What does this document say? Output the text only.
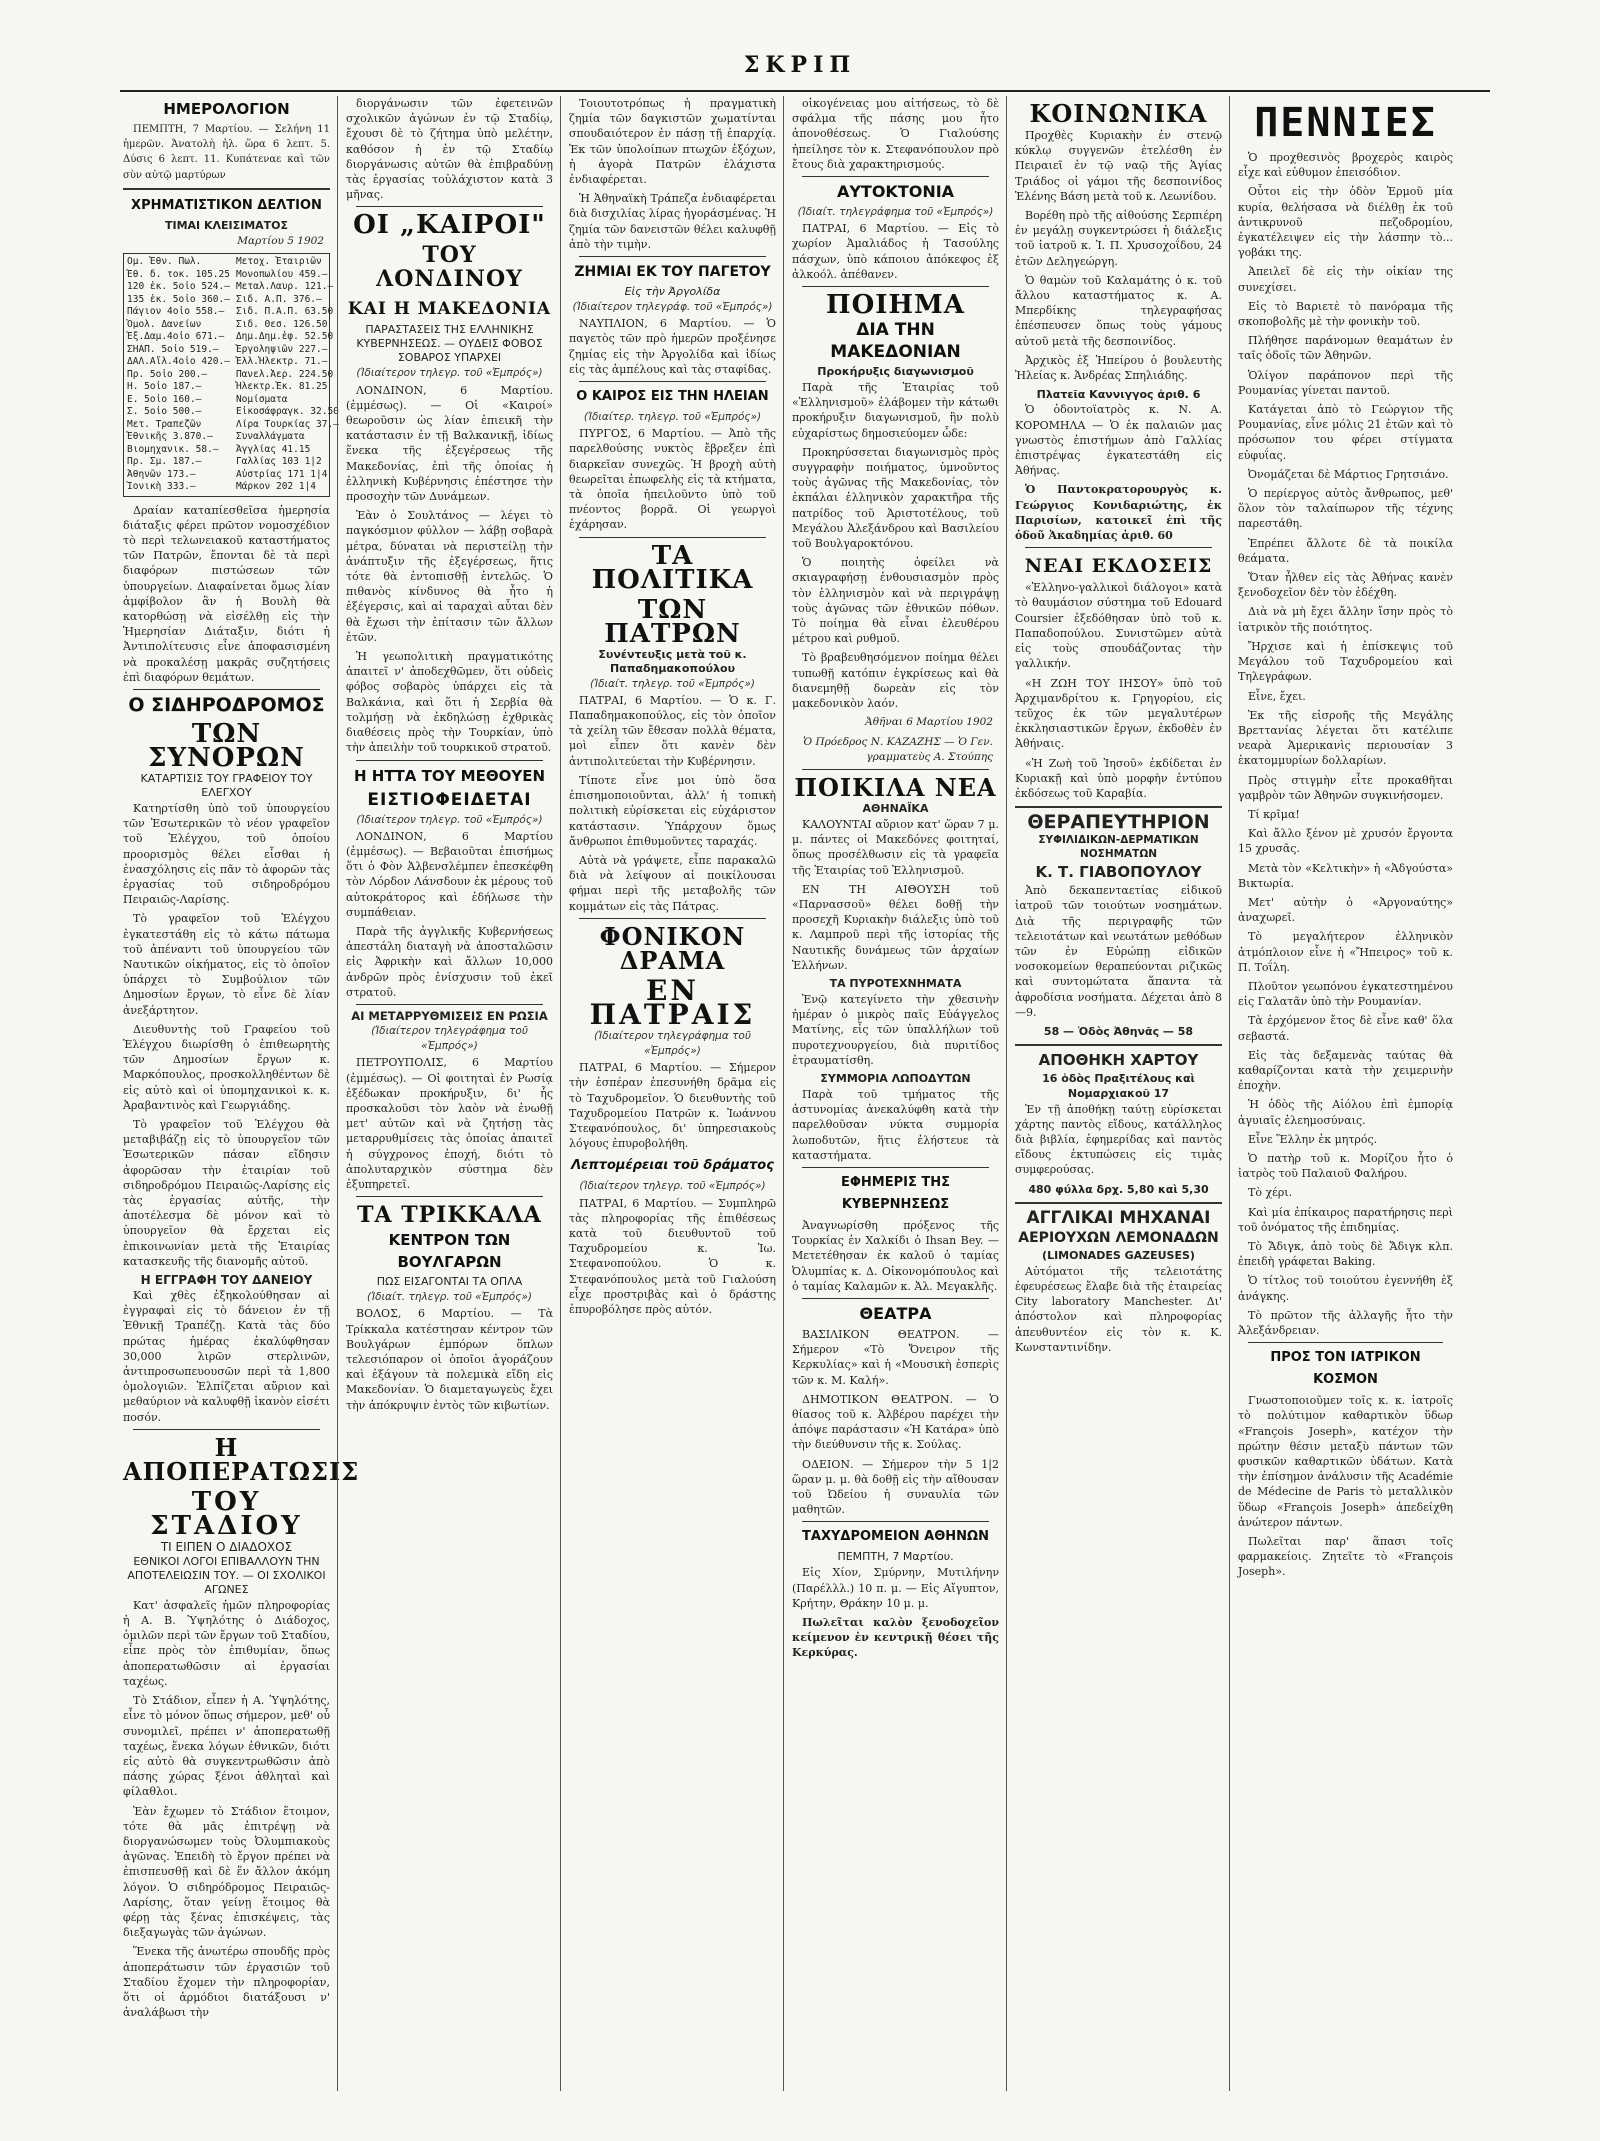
ΣΚΡΙΠ
ΗΜΕΡΟΛΟΓΙΟΝ
ΠΕΜΠΤΗ, 7 Μαρτίου. — Σελήνη 11 ἡμερῶν. Ἀνατολὴ ἡλ. ὥρα 6 λεπτ. 5. Δύσις 6 λεπτ. 11. Κυπάτεναε καὶ τῶν σὺν αὐτῷ μαρτύρων
ΧΡΗΜΑΤΙΣΤΙΚΟΝ ΔΕΛΤΙΟΝ
ΤΙΜΑΙ ΚΛΕΙΣΙΜΑΤΟΣ
Μαρτίου 5 1902
Ομ. Ἐθν. Πωλ.	Μετοχ. Ἑταιριῶν
Ἐθ. δ. τοκ. 105.25 Μονοπωλίου 459.—
120 ἐκ. 5οἰο 524.— Μεταλ.Λαυρ. 121.—
135 ἐκ. 5οἰο 360.— Σιδ. Α.Π. 376.—
Πάγιον 4οἰο 558.—	Σιδ. Π.Α.Π. 63.50
Ὁμολ. Δανείων	Σιδ. Θεσ. 126.50
Ἐξ.Δαμ.4οἰο 671.—	Δημ.Δημ.ἐφ. 52.50
ΣΗΑΠ. 5οἰο 519.—	Ἐργοληψιῶν 227.—
ΔΑΛ.Αἴλ.4οἰο 420.— Ἑλλ.Ἠλεκτρ. 71.—
Πρ. 5οἰο 200.—	Πανελ.Ἀερ. 224.50
Η. 5οἰο 187.—	Ἠλεκτρ.Ἐκ. 81.25
Ε. 5οἰο 160.—	Νομίσματα
Σ. 5οἰο 500.—	Εἰκοσάφραγκ. 32.50
Μετ. Τραπεζῶν	Λίρα Τουρκίας 37.—
Ἐθνικῆς 3.870.—	Συναλλάγματα
Βιομηχανικ. 58.—	Ἀγγλίας 41.15
Πρ. Σμ. 187.—	Γαλλίας 103 1|2
Ἀθηνῶν 173.—	Αὐστρίας 171 1|4
Ἰονικὴ 333.—	Μάρκον 202 1|4
Δραίαν καταπίεσθεῖσα ἡμερησία διάταξις φέρει πρῶτον νομοσχέδιον τὸ περὶ τελωνειακοῦ καταστήματος τῶν Πατρῶν, ἔπονται δὲ τὰ περὶ διαφόρων πιστώσεων τῶν ὑπουργείων. Διαφαίνεται ὅμως λίαν ἀμφίβολον ἂν ἡ Βουλὴ θὰ κατορθώσῃ νὰ εἰσέλθῃ εἰς τὴν Ἡμερησίαν Διάταξιν, διότι ἡ Ἀντιπολίτευσις εἶνε ἀποφασισμένη νὰ προκαλέσῃ μακρᾶς συζητήσεις ἐπὶ διαφόρων θεμάτων.
Ο ΣΙΔΗΡΟΔΡΟΜΟΣ
ΤΩΝ ΣΥΝΟΡΩΝ
ΚΑΤΑΡΤΙΣΙΣ ΤΟΥ ΓΡΑΦΕΙΟΥ ΤΟΥ ΕΛΕΓΧΟΥ
Κατηρτίσθη ὑπὸ τοῦ ὑπουργείου τῶν Ἐσωτερικῶν τὸ νέον γραφεῖον τοῦ Ἐλέγχου, τοῦ ὁποίου προορισμὸς θέλει εἶσθαι ἡ ἐνασχόλησις εἰς πᾶν τὸ ἀφορῶν τὰς ἐργασίας τοῦ σιδηροδρόμου Πειραιῶς-Λαρίσης.
Τὸ γραφεῖον τοῦ Ἐλέγχου ἐγκατεστάθη εἰς τὸ κάτω πάτωμα τοῦ ἀπέναντι τοῦ ὑπουργείου τῶν Ναυτικῶν οἰκήματος, εἰς τὸ ὁποῖον ὑπάρχει τὸ Συμβούλιον τῶν Δημοσίων ἔργων, τὸ εἶνε δὲ λίαν ἀνεξάρτητον.
Διευθυντὴς τοῦ Γραφείου τοῦ Ἐλέγχου διωρίσθη ὁ ἐπιθεωρητὴς τῶν Δημοσίων ἔργων κ. Μαρκόπουλος, προσκολληθέντων δὲ εἰς αὐτὸ καὶ οἱ ὑπομηχανικοὶ κ. κ. Ἀραβαντινὸς καὶ Γεωργιάδης.
Τὸ γραφεῖον τοῦ Ἐλέγχου θὰ μεταβιβάζῃ εἰς τὸ ὑπουργεῖον τῶν Ἐσωτερικῶν πάσαν εἴδησιν ἀφορῶσαν τὴν ἑταιρίαν τοῦ σιδηροδρόμου Πειραιῶς-Λαρίσης εἰς τὰς ἐργασίας αὐτῆς, τὴν ἀποτέλεσμα δὲ μόνον καὶ τὸ ὑπουργεῖον θὰ ἔρχεται εἰς ἐπικοινωνίαν μετὰ τῆς Ἑταιρίας κατασκευῆς τῆς διανομῆς αὐτοῦ.
Η ΕΓΓΡΑΦΗ ΤΟΥ ΔΑΝΕΙΟΥ
Καὶ χθὲς ἐξηκολούθησαν αἱ ἐγγραφαὶ εἰς τὸ δάνειον ἐν τῇ Ἐθνικῇ Τραπέζῃ. Κατὰ τὰς δύο πρώτας ἡμέρας ἐκαλύφθησαν 30,000 λιρῶν στερλινῶν, ἀντιπροσωπευουσῶν περὶ τὰ 1,800 ὁμολογιῶν. Ἐλπίζεται αὔριον καὶ μεθαύριον νὰ καλυφθῇ ἱκανὸν εἰσέτι ποσόν.
Η ΑΠΟΠΕΡΑΤΩΣΙΣ
ΤΟΥ ΣΤΑΔΙΟΥ
ΤΙ ΕΙΠΕΝ Ο ΔΙΑΔΟΧΟΣ
ΕΘΝΙΚΟΙ ΛΟΓΟΙ ΕΠΙΒΑΛΛΟΥΝ ΤΗΝ ΑΠΟΤΕΛΕΙΩΣΙΝ ΤΟΥ. — ΟΙ ΣΧΟΛΙΚΟΙ ΑΓΩΝΕΣ
Κατ' ἀσφαλεῖς ἡμῶν πληροφορίας ἡ Α. Β. Ὑψηλότης ὁ Διάδοχος, ὁμιλῶν περὶ τῶν ἔργων τοῦ Σταδίου, εἶπε πρὸς τὸν ἐπιθυμίαν, ὅπως ἀποπερατωθῶσιν αἱ ἐργασίαι ταχέως.
Τὸ Στάδιον, εἶπεν ἡ Α. Ὑψηλότης, εἶνε τὸ μόνον ὅπως σήμερον, μεθ' οὗ συνομιλεῖ, πρέπει ν' ἀποπερατωθῇ ταχέως, ἕνεκα λόγων ἐθνικῶν, διότι εἰς αὐτὸ θὰ συγκεντρωθῶσιν ἀπὸ πάσης χώρας ξένοι ἀθληταὶ καὶ φίλαθλοι.
Ἐὰν ἔχωμεν τὸ Στάδιον ἕτοιμον, τότε θὰ μᾶς ἐπιτρέψῃ νὰ διοργανώσωμεν τοὺς Ὀλυμπιακοὺς ἀγῶνας. Ἐπειδὴ τὸ ἔργον πρέπει νὰ ἐπισπευσθῇ καὶ δὲ ἕν ἄλλον ἀκόμη λόγον. Ὁ σιδηρόδρομος Πειραιῶς-Λαρίσης, ὅταν γείνῃ ἕτοιμος θὰ φέρῃ τὰς ξένας ἐπισκέψεις, τὰς διεξαγωγὰς τῶν ἀγώνων.
Ἕνεκα τῆς ἀνωτέρω σπουδῆς πρὸς ἀποπεράτωσιν τῶν ἐργασιῶν τοῦ Σταδίου ἔχομεν τὴν πληροφορίαν, ὅτι οἱ ἁρμόδιοι διατάξουσι ν' ἀναλάβωσι τὴν
διοργάνωσιν τῶν ἐφετεινῶν σχολικῶν ἀγώνων ἐν τῷ Σταδίῳ, ἔχουσι δὲ τὸ ζήτημα ὑπὸ μελέτην, καθόσον ἡ ἐν τῷ Σταδίῳ διοργάνωσις αὐτῶν θὰ ἐπιβραδύνῃ τὰς ἐργασίας τοὐλάχιστον κατὰ 3 μῆνας.
ΟΙ „ΚΑΙΡΟΙ"
ΤΟΥ ΛΟΝΔΙΝΟΥ
ΚΑΙ Η ΜΑΚΕΔΟΝΙΑ
ΠΑΡΑΣΤΑΣΕΙΣ ΤΗΣ ΕΛΛΗΝΙΚΗΣ ΚΥΒΕΡΝΗΣΕΩΣ. — ΟΥΔΕΙΣ ΦΟΒΟΣ ΣΟΒΑΡΟΣ ΥΠΑΡΧΕΙ
(Ἰδιαίτερον τηλεγρ. τοῦ «Ἐμπρός»)
ΛΟΝΔΙΝΟΝ, 6 Μαρτίου. (ἐμμέσως). — Οἱ «Καιροί» θεωροῦσιν ὡς λίαν ἐπιεικῆ τὴν κατάστασιν ἐν τῇ Βαλκανικῇ, ἰδίως ἕνεκα τῆς ἐξεγέρσεως τῆς Μακεδονίας, ἐπὶ τῆς ὁποίας ἡ ἑλληνικὴ Κυβέρνησις ἐπέστησε τὴν προσοχὴν τῶν Δυνάμεων.
Ἐὰν ὁ Σουλτάνος — λέγει τὸ παγκόσμιον φύλλον — λάβῃ σοβαρὰ μέτρα, δύναται νὰ περιστείλῃ τὴν ἀνάπτυξιν τῆς ἐξεγέρσεως, ἥτις τότε θὰ ἐντοπισθῇ ἐντελῶς. Ὁ πιθανὸς κίνδυνος θὰ ἦτο ἡ ἐξέγερσις, καὶ αἱ ταραχαὶ αὗται δὲν θὰ ἔχωσι τὴν ἐπίτασιν τῶν ἄλλων ἐτῶν.
Ἡ γεωπολιτικὴ πραγματικότης ἀπαιτεῖ ν' ἀποδεχθῶμεν, ὅτι οὐδεὶς φόβος σοβαρὸς ὑπάρχει εἰς τὰ Βαλκάνια, καὶ ὅτι ἡ Σερβία θὰ τολμήσῃ νὰ ἐκδηλώσῃ ἐχθρικὰς διαθέσεις πρὸς τὴν Τουρκίαν, ὑπὸ τὴν ἀπειλὴν τοῦ τουρκικοῦ στρατοῦ.
Η ΗΤΤΑ ΤΟΥ ΜΕΘΟΥΕΝ
ΕΙΣΤΙΟΦΕΙΔΕΤΑΙ
(Ἰδιαίτερον τηλεγρ. τοῦ «Ἐμπρός»)
ΛΟΝΔΙΝΟΝ, 6 Μαρτίου (ἐμμέσως). — Βεβαιοῦται ἐπισήμως ὅτι ὁ Φὸν Ἀλβενσλέμπεν ἐπεσκέφθη τὸν Λόρδον Λάνσδουν ἐκ μέρους τοῦ αὐτοκράτορος καὶ ἐδήλωσε τὴν συμπάθειαν.
Παρὰ τῆς ἀγγλικῆς Κυβερνήσεως ἀπεστάλη διαταγὴ νὰ ἀποσταλῶσιν εἰς Ἀφρικὴν καὶ ἄλλων 10,000 ἀνδρῶν πρὸς ἐνίσχυσιν τοῦ ἐκεῖ στρατοῦ.
ΑΙ ΜΕΤΑΡΡΥΘΜΙΣΕΙΣ ΕΝ ΡΩΣΙΑ
(Ἰδιαίτερον τηλεγράφημα τοῦ «Ἐμπρός»)
ΠΕΤΡΟΥΠΟΛΙΣ, 6 Μαρτίου (ἐμμέσως). — Οἱ φοιτηταὶ ἐν Ρωσίᾳ ἐξέδωκαν προκήρυξιν, δι' ἧς προσκαλοῦσι τὸν λαὸν νὰ ἐνωθῇ μετ' αὐτῶν καὶ νὰ ζητήσῃ τὰς μεταρρυθμίσεις τὰς ὁποίας ἀπαιτεῖ ἡ σύγχρονος ἐποχή, διότι τὸ ἀπολυταρχικὸν σύστημα δὲν ἐξυπηρετεῖ.
ΤΑ ΤΡΙΚΚΑΛΑ
ΚΕΝΤΡΟΝ ΤΩΝ ΒΟΥΛΓΑΡΩΝ
ΠΩΣ ΕΙΣΑΓΟΝΤΑΙ ΤΑ ΟΠΛΑ
(Ἰδιαίτ. τηλεγρ. τοῦ «Ἐμπρός»)
ΒΟΛΟΣ, 6 Μαρτίου. — Τὰ Τρίκκαλα κατέστησαν κέντρον τῶν Βουλγάρων ἐμπόρων ὅπλων τελεσιόπαρον οἱ ὁποῖοι ἀγοράζουν καὶ ἐξάγουν τὰ πολεμικὰ εἴδη εἰς Μακεδονίαν. Ὁ διαμεταγωγεὺς ἔχει τὴν ἀπόκρυψιν ἐντὸς τῶν κιβωτίων.
Τοιουτοτρόπως ἡ πραγματικὴ ζημία τῶν δαγκιστῶν χωματίνται σπουδαιότερον ἐν πάσῃ τῇ ἐπαρχίᾳ. Ἐκ τῶν ὑπολοίπων πτωχῶν ἐξόχων, ἡ ἀγορὰ Πατρῶν ἐλάχιστα ἐνδιαφέρεται.
Ἡ Ἀθηναϊκὴ Τράπεζα ἐνδιαφέρεται διὰ δισχιλίας λίρας ἠγοράσμένας. Ἡ ζημία τῶν δανειστῶν θέλει καλυφθῇ ἀπὸ τὴν τιμὴν.
ΖΗΜΙΑΙ ΕΚ ΤΟΥ ΠΑΓΕΤΟΥ
Εἰς τὴν Ἀργολίδα
(Ἰδιαίτερον τηλεγράφ. τοῦ «Ἐμπρός»)
ΝΑΥΠΛΙΟΝ, 6 Μαρτίου. — Ὁ παγετὸς τῶν πρὸ ἡμερῶν προξένησε ζημίας εἰς τὴν Ἀργολίδα καὶ ἰδίως εἰς τὰς ἀμπέλους καὶ τὰς σταφίδας.
Ο ΚΑΙΡΟΣ ΕΙΣ ΤΗΝ ΗΛΕΙΑΝ
(Ἰδιαίτερ. τηλεγρ. τοῦ «Ἐμπρός»)
ΠΥΡΓΟΣ, 6 Μαρτίου. — Ἀπὸ τῆς παρελθούσης νυκτὸς ἔβρεξεν ἐπὶ διαρκεῖαν συνεχῶς. Ἡ βροχὴ αὐτὴ θεωρεῖται ἐπωφελὴς εἰς τὰ κτήματα, τὰ ὁποῖα ἠπειλοῦντο ὑπὸ τοῦ πνέοντος βορρᾶ. Οἱ γεωργοὶ ἐχάρησαν.
ΤΑ ΠΟΛΙΤΙΚΑ
ΤΩΝ ΠΑΤΡΩΝ
Συνέντευξις μετὰ τοῦ κ. Παπαδημακοπούλου
(Ἰδιαίτ. τηλεγρ. τοῦ «Ἐμπρός»)
ΠΑΤΡΑΙ, 6 Μαρτίου. — Ὁ κ. Γ. Παπαδημακοπούλος, εἰς τὸν ὁποῖον τὰ χείλη τῶν ἔθεσαν πολλὰ θέματα, μοὶ εἶπεν ὅτι κανὲν δὲν ἀντιπολιτεύεται τὴν Κυβέρνησιν.
Τίποτε εἶνε μοι ὑπὸ ὅσα ἐπισημοποιοῦνται, ἀλλ' ἡ τοπικὴ πολιτικὴ εὑρίσκεται εἰς εὐχάριστον κατάστασιν. Ὑπάρχουν ὅμως ἄνθρωποι ἐπιθυμοῦντες ταραχάς.
Αὐτὰ νὰ γράψετε, εἶπε παρακαλῶ διὰ νὰ λείψουν αἱ ποικίλουσαι φήμαι περὶ τῆς μεταβολῆς τῶν κομμάτων εἰς τὰς Πάτρας.
ΦΟΝΙΚΟΝ ΔΡΑΜΑ
ΕΝ ΠΑΤΡΑΙΣ
(Ἰδιαίτερον τηλεγράφημα τοῦ «Ἐμπρός»)
ΠΑΤΡΑΙ, 6 Μαρτίου. — Σήμερον τὴν ἑσπέραν ἐπεσυνήθη δρᾶμα εἰς τὸ Ταχυδρομεῖον. Ὁ διευθυντὴς τοῦ Ταχυδρομείου Πατρῶν κ. Ἰωάννου Στεφανόπουλος, δι' ὑπηρεσιακοὺς λόγους ἐπυροβολήθη.
Λεπτομέρειαι τοῦ δράματος
(Ἰδιαίτερον τηλεγρ. τοῦ «Ἐμπρός»)
ΠΑΤΡΑΙ, 6 Μαρτίου. — Συμπληρῶ τὰς πληροφορίας τῆς ἐπιθέσεως κατὰ τοῦ διευθυντοῦ τοῦ Ταχυδρομείου κ. Ἰω. Στεφανοπούλου. Ὁ κ. Στεφανόπουλος μετὰ τοῦ Γιαλούση εἶχε προστριβὰς καὶ ὁ δράστης ἐπυροβόλησε πρὸς αὐτόν.
οἰκογένειας μου αἰτήσεως, τὸ δὲ σφάλμα τῆς πάσης μου ἦτο ἀπονοθέσεως. Ὁ Γιαλούσης ἠπείλησε τὸν κ. Στεφανόπουλον πρὸ ἔτους διὰ χαρακτηρισμούς.
ΑΥΤΟΚΤΟΝΙΑ
(Ἰδιαίτ. τηλεγράφημα τοῦ «Ἐμπρός»)
ΠΑΤΡΑΙ, 6 Μαρτίου. — Εἰς τὸ χωρίον Ἀμαλιάδος ἡ Τασούλης πάσχων, ὑπὸ κάποιου ἀπόκεφος ἐξ ἀλκοόλ. ἀπέθανεν.
ΠΟΙΗΜΑ
ΔΙΑ ΤΗΝ ΜΑΚΕΔΟΝΙΑΝ
Προκήρυξις διαγωνισμοῦ
Παρὰ τῆς Ἑταιρίας τοῦ «Ἑλληνισμοῦ» ἐλάβομεν τὴν κάτωθι προκήρυξιν διαγωνισμοῦ, ἣν πολὺ εὐχαρίστως δημοσιεύομεν ὧδε:
Προκηρύσσεται διαγωνισμὸς πρὸς συγγραφὴν ποιήματος, ὑμνοῦντος τοὺς ἀγῶνας τῆς Μακεδονίας, τὸν ἐκπάλαι ἑλληνικὸν χαρακτῆρα τῆς πατρίδος τοῦ Ἀριστοτέλους, τοῦ Μεγάλου Ἀλεξάνδρου καὶ Βασιλείου τοῦ Βουλγαροκτόνου.
Ὁ ποιητὴς ὀφείλει νὰ σκιαγραφήσῃ ἐνθουσιασμὸν πρὸς τὸν ἑλληνισμὸν καὶ νὰ περιγράψῃ τοὺς ἀγῶνας τῶν ἐθνικῶν πόθων. Τὸ ποίημα θὰ εἶναι ἐλευθέρου μέτρου καὶ ρυθμοῦ.
Τὸ βραβευθησόμενον ποίημα θέλει τυπωθῇ κατόπιν ἐγκρίσεως καὶ θὰ διανεμηθῇ δωρεὰν εἰς τὸν μακεδονικὸν λαόν.
Ἀθῆναι 6 Μαρτίου 1902
Ὁ Πρόεδρος Ν. ΚΑΖΑΖΗΣ — Ὁ Γεν. γραμματεὺς Α. Στούπης
ΠΟΙΚΙΛΑ ΝΕΑ
ΑΘΗΝΑΪΚΑ
ΚΑΛΟΥΝΤΑΙ αὔριον κατ' ὥραν 7 μ. μ. πάντες οἱ Μακεδόνες φοιτηταί, ὅπως προσέλθωσιν εἰς τὰ γραφεῖα τῆς Ἑταιρίας τοῦ Ἑλληνισμοῦ.
ΕΝ ΤΗ ΑΙΘΟΥΣΗ τοῦ «Παρνασσοῦ» θέλει δοθῇ τὴν προσεχῆ Κυριακὴν διάλεξις ὑπὸ τοῦ κ. Λαμπροῦ περὶ τῆς ἱστορίας τῆς Ναυτικῆς δυνάμεως τῶν ἀρχαίων Ἑλλήνων.
ΤΑ ΠΥΡΟΤΕΧΝΗΜΑΤΑ
Ἐνῷ κατεγίνετο τὴν χθεσινὴν ἡμέραν ὁ μικρὸς παῖς Εὐάγγελος Ματίνης, εἷς τῶν ὑπαλλήλων τοῦ πυροτεχνουργείου, διὰ πυριτίδος ἐτραυματίσθη.
ΣΥΜΜΟΡΙΑ ΛΩΠΟΔΥΤΩΝ
Παρὰ τοῦ τμήματος τῆς ἀστυνομίας ἀνεκαλύφθη κατὰ τὴν παρελθοῦσαν νύκτα συμμορία λωποδυτῶν, ἥτις ἐλήστευε τὰ καταστήματα.
ΕΦΗΜΕΡΙΣ ΤΗΣ ΚΥΒΕΡΝΗΣΕΩΣ
Ἀναγνωρίσθη πρόξενος τῆς Τουρκίας ἐν Χαλκίδι ὁ Ihsan Bey. — Μετετέθησαν ἐκ καλοῦ ὁ ταμίας Ὀλυμπίας κ. Δ. Οἰκονομόπουλος καὶ ὁ ταμίας Καλαμῶν κ. Ἀλ. Μεγακλῆς.
ΘΕΑΤΡΑ
ΒΑΣΙΛΙΚΟΝ ΘΕΑΤΡΟΝ. — Σήμερον «Τὸ Ὄνειρον τῆς Κερκυλίας» καὶ ἡ «Μουσικὴ ἐσπερὶς τῶν κ. Μ. Καλή».
ΔΗΜΟΤΙΚΟΝ ΘΕΑΤΡΟΝ. — Ὁ θίασος τοῦ κ. Ἀλβέρου παρέχει τὴν ἀπόψε παράστασιν «Ἡ Κατάρα» ὑπὸ τὴν διεύθυνσιν τῆς κ. Σούλας.
ΟΔΕΙΟΝ. — Σήμερον τὴν 5 1|2 ὥραν μ. μ. θὰ δοθῇ εἰς τὴν αἴθουσαν τοῦ Ὠδείου ἡ συναυλία τῶν μαθητῶν.
ΤΑΧΥΔΡΟΜΕΙΟΝ ΑΘΗΝΩΝ
ΠΕΜΠΤΗ, 7 Μαρτίου.
Εἰς Χίον, Σμύρνην, Μυτιλήνην (Παρέλλλ.) 10 π. μ. — Εἰς Αἴγυπτον, Κρήτην, Θράκην 10 μ. μ.
Πωλεῖται καλὸν ξενοδοχεῖον κείμενον ἐν κεντρικῇ θέσει τῆς Κερκύρας.
ΚΟΙΝΩΝΙΚΑ
Προχθὲς Κυριακὴν ἐν στενῷ κύκλῳ συγγενῶν ἐτελέσθη ἐν Πειραιεῖ ἐν τῷ ναῷ τῆς Ἁγίας Τριάδος οἱ γάμοι τῆς δεσποινίδος Ἑλένης Βάση μετὰ τοῦ κ. Λεωνίδου.
Βορέθη πρὸ τῆς αἰθούσης Σερπιέρη ἐν μεγάλῃ συγκεντρώσει ἡ διάλεξις τοῦ ἰατροῦ κ. Ἰ. Π. Χρυσοχοΐδου, 24 ἐτῶν Δεληγεώργη.
Ὁ θαμὼν τοῦ Καλαμάτης ὁ κ. τοῦ ἄλλου καταστήματος κ. Α. Μπερδίκης τηλεγραφήσας ἐπέσπευσεν ὅπως τοὺς γάμους αὐτοῦ μετὰ τῆς δεσποινίδος.
Ἀρχικὸς ἐξ Ἠπείρου ὁ βουλευτὴς Ἠλείας κ. Ἀνδρέας Σπηλιάδης.
Πλατεῖα Καννιγγος ἀριθ. 6
Ὁ ὀδοντοϊατρὸς κ. Ν. Α. ΚΟΡΟΜΗΛΑ — Ὁ ἐκ παλαιῶν μας γνωστὸς ἐπιστήμων ἀπὸ Γαλλίας ἐπιστρέψας ἐγκατεστάθη εἰς Ἀθήνας.
Ὁ Παντοκρατορουργὸς κ. Γεώργιος Κονιδαριώτης, ἐκ Παρισίων, κατοικεῖ ἐπὶ τῆς ὁδοῦ Ἀκαδημίας ἀριθ. 60
ΝΕΑΙ ΕΚΔΟΣΕΙΣ
«Ἑλληνο-γαλλικοὶ διάλογοι» κατὰ τὸ θαυμάσιον σύστημα τοῦ Edouard Coursier ἐξεδόθησαν ὑπὸ τοῦ κ. Παπαδοπούλου. Συνιστῶμεν αὐτὰ εἰς τοὺς σπουδάζοντας τὴν γαλλικήν.
«Η ΖΩΗ ΤΟΥ ΙΗΣΟΥ» ὑπὸ τοῦ Ἀρχιμανδρίτου κ. Γρηγορίου, εἰς τεῦχος ἐκ τῶν μεγαλυτέρων ἐκκλησιαστικῶν ἔργων, ἐκδοθὲν ἐν Ἀθήναις.
«Ἡ Ζωὴ τοῦ Ἰησοῦ» ἐκδίδεται ἐν Κυριακῇ καὶ ὑπὸ μορφὴν ἐντύπου ἐκδόσεως τοῦ Καραβία.
ΘΕΡΑΠΕΥΤΗΡΙΟΝ
ΣΥΦΙΛΙΔΙΚΩΝ-ΔΕΡΜΑΤΙΚΩΝ ΝΟΣΗΜΑΤΩΝ
Κ. Τ. ΓΙΑΒΟΠΟΥΛΟΥ
Ἀπὸ δεκαπενταετίας εἰδικοῦ ἰατροῦ τῶν τοιούτων νοσημάτων. Διὰ τῆς περιγραφῆς τῶν τελειοτάτων καὶ νεωτάτων μεθόδων τῶν ἐν Εὐρώπῃ εἰδικῶν νοσοκομείων θεραπεύονται ριζικῶς καὶ συντομώτατα ἅπαντα τὰ ἀφροδίσια νοσήματα. Δέχεται ἀπὸ 8—9.
58 — Ὁδὸς Ἀθηνᾶς — 58
ΑΠΟΘΗΚΗ ΧΑΡΤΟΥ
16 ὁδὸς Πραξιτέλους καὶ Νομαρχιακοῦ 17
Ἐν τῇ ἀποθήκῃ ταύτῃ εὑρίσκεται χάρτης παντὸς εἴδους, κατάλληλος διὰ βιβλία, ἐφημερίδας καὶ παντὸς εἴδους ἐκτυπώσεις εἰς τιμὰς συμφερούσας.
480 φύλλα δρχ. 5,80 καὶ 5,30
ΑΓΓΛΙΚΑΙ ΜΗΧΑΝΑΙ
ΑΕΡΙΟΥΧΩΝ ΛΕΜΟΝΑΔΩΝ
(LIMONADES GAZEUSES)
Αὐτόματοι τῆς τελειοτάτης ἐφευρέσεως ἔλαβε διὰ τῆς ἐταιρείας City laboratory Manchester. Δι' ἀπόστολον καὶ πληροφορίας ἀπευθυντέον εἰς τὸν κ. Κ. Κωνσταντινίδην.
ΠΕΝΝΙΕΣ
Ὁ προχθεσινὸς βροχερὸς καιρὸς εἶχε καὶ εὐθυμον ἐπεισόδιον.
Οὗτοι εἰς τὴν ὁδὸν Ἑρμοῦ μία κυρία, θελήσασα νὰ διέλθῃ ἐκ τοῦ ἀντικρυνοῦ πεζοδρομίου, ἐγκατέλειψεν εἰς τὴν λάσπην τὸ... γοβάκι της.
Ἀπειλεῖ δὲ εἰς τὴν οἰκίαν της συνεχίσει.
Εἰς τὸ Βαριετὲ τὸ πανόραμα τῆς σκοποβολῆς μὲ τὴν φονικὴν τοῦ.
Πλήθησε παράνομων θεαμάτων ἐν ταῖς ὁδοῖς τῶν Ἀθηνῶν.
Ὁλίγον παράπονον περὶ τῆς Ρουμανίας γίνεται παντοῦ.
Κατάγεται ἀπὸ τὸ Γεώργιον τῆς Ρουμανίας, εἶνε μόλις 21 ἐτῶν καὶ τὸ πρόσωπον του φέρει στίγματα εὐφυΐας.
Ὀνομάζεται δὲ Μάρτιος Γρητσιάνο.
Ὁ περίεργος αὐτὸς ἄνθρωπος, μεθ' ὅλον τὸν ταλαίπωρον τῆς τέχνης παρεστάθη.
Ἐπρέπει ἄλλοτε δὲ τὰ ποικίλα θεάματα.
Ὅταν ἦλθεν εἰς τὰς Ἀθήνας κανὲν ξενοδοχεῖον δὲν τὸν ἐδέχθη.
Διὰ νὰ μὴ ἔχει ἄλλην ἴσην πρὸς τὸ ἰατρικὸν τῆς ποιότητος.
Ἤρχισε καὶ ἡ ἐπίσκεψις τοῦ Μεγάλου τοῦ Ταχυδρομείου καὶ Τηλεγράφων.
Εἶνε, ἔχει.
Ἐκ τῆς εἰσροῆς τῆς Μεγάλης Βρεττανίας λέγεται ὅτι κατέλιπε νεαρὰ Ἀμερικανὶς περιουσίαν 3 ἑκατομμυρίων δολλαρίων.
Πρὸς στιγμὴν εἶτε προκαθῆται γαμβρὸν τῶν Ἀθηνῶν συγκινήσομεν.
Τί κρῖμα!
Καὶ ἄλλο ξένον μὲ χρυσόν ἔργοντα 15 χρυσᾶς.
Μετὰ τὸν «Κελτικὴν» ἡ «Ἀδγούστα» Βικτωρία.
Μετ' αὐτὴν ὁ «Ἀργοναύτης» ἀναχωρεῖ.
Τὸ μεγαλήτερον ἑλληνικὸν ἀτμόπλοιον εἶνε ἡ «Ἤπειρος» τοῦ κ. Π. Τοΐλη.
Πλοῦτον γεωπόνου ἐγκατεστημένου εἰς Γαλατᾶν ὑπὸ τὴν Ρουμανίαν.
Τὰ ἐρχόμενον ἔτος δὲ εἶνε καθ' ὅλα σεβαστά.
Εἰς τὰς δεξαμενὰς ταύτας θὰ καθαρίζονται κατὰ τὴν χειμερινὴν ἐποχὴν.
Ἡ ὁδὸς τῆς Αἰόλου ἐπὶ ἐμπορίᾳ ἀγυιαῖς ἐλεημοσύναις.
Εἶνε Ἕλλην ἐκ μητρός.
Ὁ πατὴρ τοῦ κ. Μορίζου ἦτο ὁ ἰατρὸς τοῦ Παλαιοῦ Φαλήρου.
Τὸ χέρι.
Καὶ μία ἐπίκαιρος παρατήρησις περὶ τοῦ ὀνόματος τῆς ἐπιδημίας.
Τὸ Ἄδιγκ, ἀπὸ τοὺς δὲ Ἄδιγκ κλπ. ἐπειδὴ γράφεται Baking.
Ὁ τίτλος τοῦ τοιούτου ἐγεννήθη ἐξ ἀνάγκης.
Τὸ πρῶτον τῆς ἀλλαγῆς ἦτο τὴν Ἀλεξάνδρειαν.
ΠΡΟΣ ΤΟΝ ΙΑΤΡΙΚΟΝ ΚΟΣΜΟΝ
Γνωστοποιοῦμεν τοῖς κ. κ. ἰατροῖς τὸ πολύτιμον καθαρτικὸν ὕδωρ «François Joseph», κατέχον τὴν πρώτην θέσιν μεταξὺ πάντων τῶν φυσικῶν καθαρτικῶν ὑδάτων. Κατὰ τὴν ἐπίσημον ἀνάλυσιν τῆς Académie de Médecine de Paris τὸ μεταλλικὸν ὕδωρ «François Joseph» ἀπεδείχθη ἀνώτερον πάντων.
Πωλεῖται παρ' ἅπασι τοῖς φαρμακείοις. Ζητεῖτε τὸ «François Joseph».
